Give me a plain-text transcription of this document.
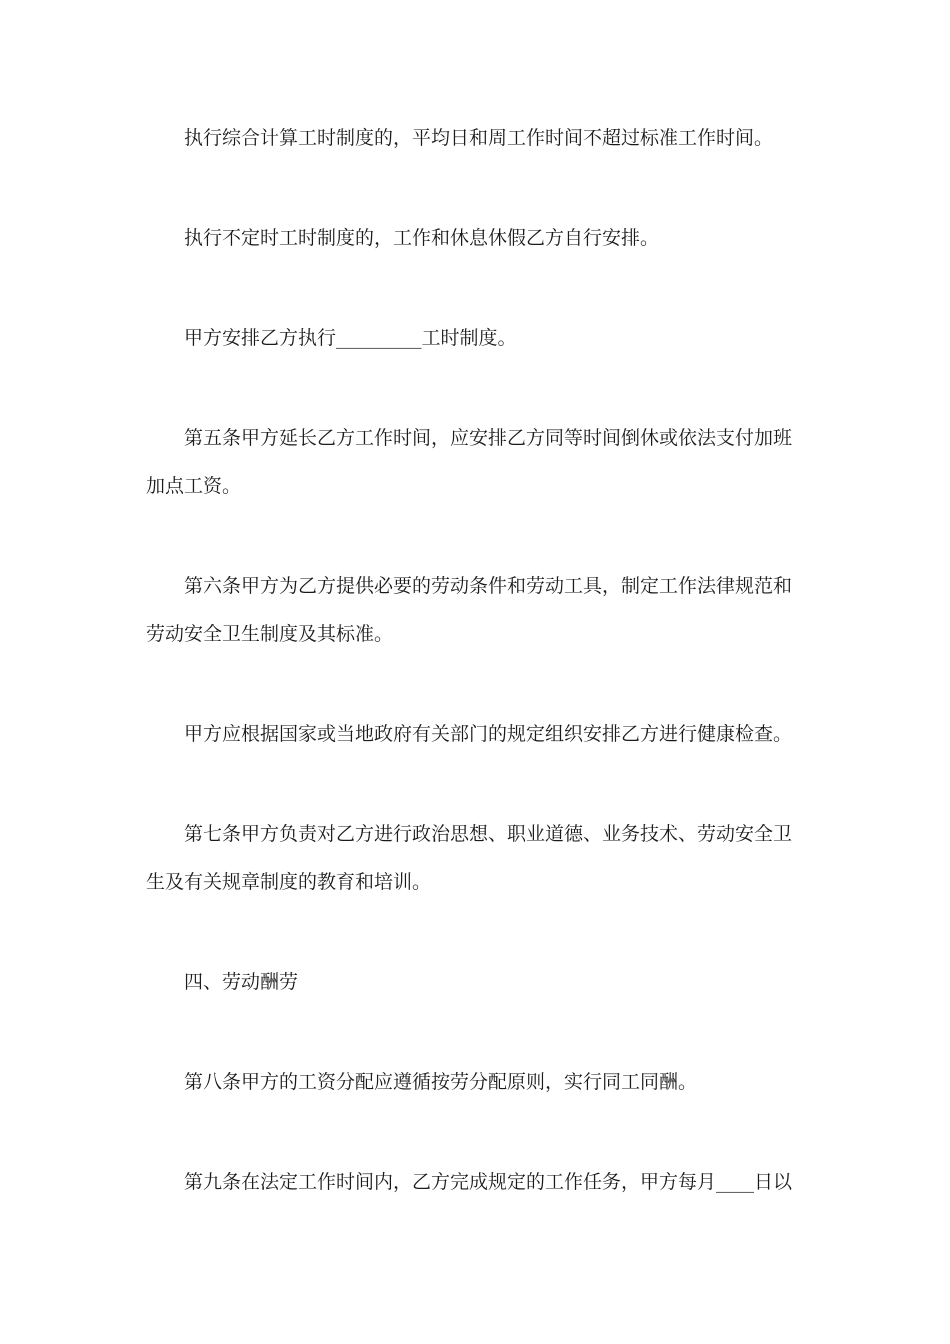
执行综合计算工时制度的，平均日和周工作时间不超过标准工作时间。

执行不定时工时制度的，工作和休息休假乙方自行安排。

甲方安排乙方执行_________工时制度。

第五条甲方延长乙方工作时间，应安排乙方同等时间倒休或依法支付加班加点工资。

第六条甲方为乙方提供必要的劳动条件和劳动工具，制定工作法律规范和劳动安全卫生制度及其标准。

甲方应根据国家或当地政府有关部门的规定组织安排乙方进行健康检查。

第七条甲方负责对乙方进行政治思想、职业道德、业务技术、劳动安全卫生及有关规章制度的教育和培训。

四、劳动酬劳

第八条甲方的工资分配应遵循按劳分配原则，实行同工同酬。

第九条在法定工作时间内，乙方完成规定的工作任务，甲方每月____日以
